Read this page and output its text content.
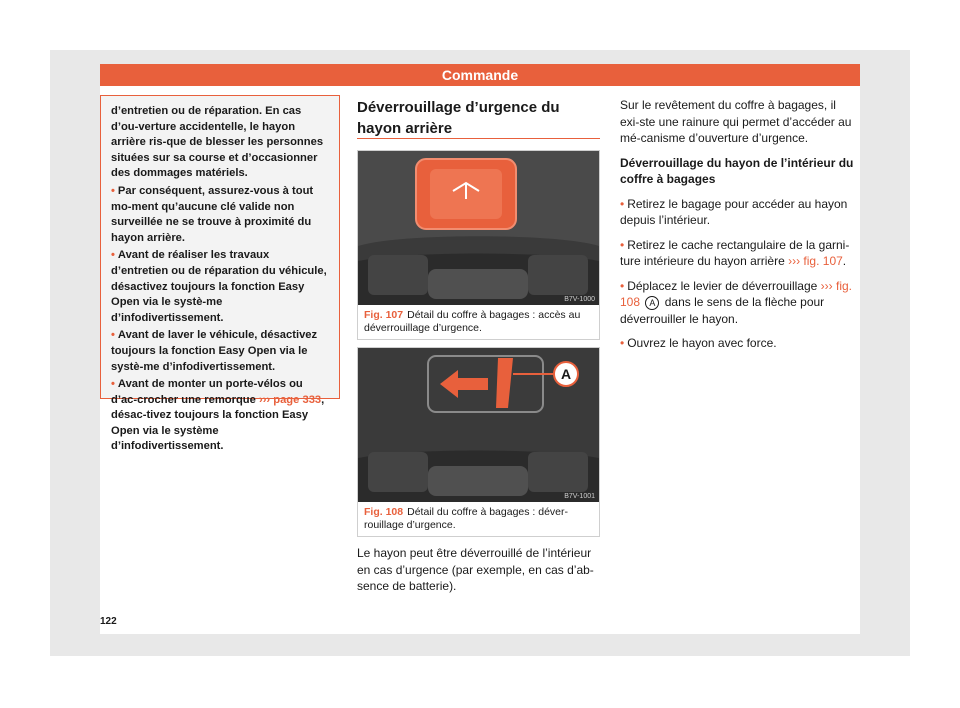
Commande

d’entretien ou de réparation. En cas d’ou-verture accidentelle, le hayon arrière ris-que de blesser les personnes situées sur sa course et d’occasionner des dommages matériels.

• Par conséquent, assurez-vous à tout mo-ment qu’aucune clé valide non surveillée ne se trouve à proximité du hayon arrière.

• Avant de réaliser les travaux d’entretien ou de réparation du véhicule, désactivez toujours la fonction Easy Open via le systè-me d’infodivertissement.

• Avant de laver le véhicule, désactivez toujours la fonction Easy Open via le systè-me d’infodivertissement.

• Avant de monter un porte-vélos ou d’ac-crocher une remorque ››› page 333, désac-tivez toujours la fonction Easy Open via le système d’infodivertissement.

Déverrouillage d’urgence du hayon arrière
B7V-1000
Fig. 107 Détail du coffre à bagages : accès au déverrouillage d’urgence.
A
B7V-1001
Fig. 108 Détail du coffre à bagages : déver-rouillage d’urgence.
Le hayon peut être déverrouillé de l’intérieur en cas d’urgence (par exemple, en cas d’ab-sence de batterie).

Sur le revêtement du coffre à bagages, il exi-ste une rainure qui permet d’accéder au mé-canisme d’ouverture d’urgence.

Déverrouillage du hayon de l’intérieur du coffre à bagages

• Retirez le bagage pour accéder au hayon depuis l’intérieur.

• Retirez le cache rectangulaire de la garni-ture intérieure du hayon arrière ››› fig. 107.

• Déplacez le levier de déverrouillage ››› fig. 108 A dans le sens de la flèche pour déverrouiller le hayon.

• Ouvrez le hayon avec force.

122
